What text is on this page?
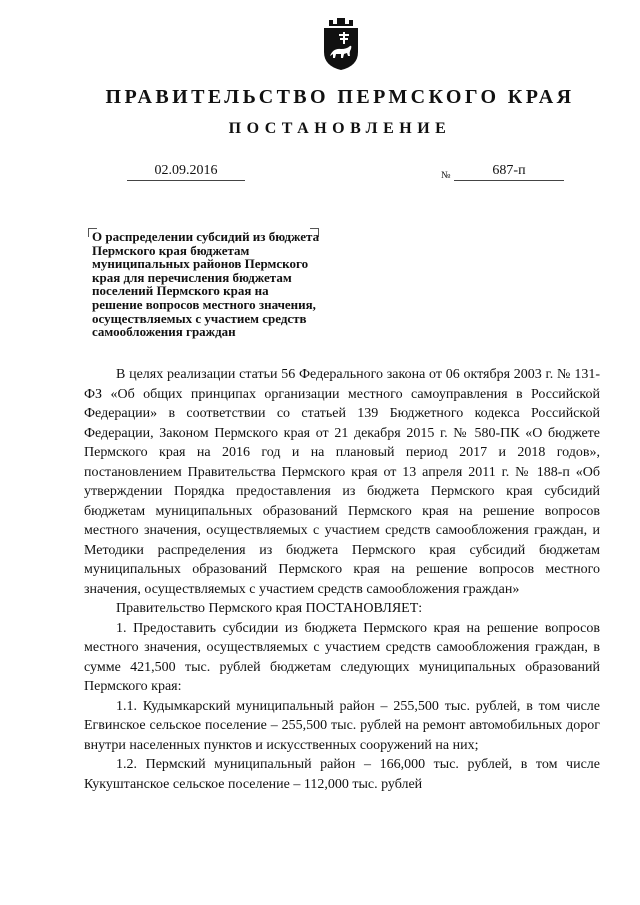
ПРАВИТЕЛЬСТВО ПЕРМСКОГО КРАЯ
ПОСТАНОВЛЕНИЕ
02.09.2016	№	687-п
О распределении субсидий из бюджета
Пермского края бюджетам
муниципальных районов Пермского
края для перечисления бюджетам
поселений Пермского края на
решение вопросов местного значения,
осуществляемых с участием средств
самообложения граждан

В целях реализации статьи 56 Федерального закона от 06 октября 2003 г. № 131-ФЗ «Об общих принципах организации местного самоуправления в Российской Федерации» в соответствии со статьей 139 Бюджетного кодекса Российской Федерации, Законом Пермского края от 21 декабря 2015 г. № 580-ПК «О бюджете Пермского края на 2016 год и на плановый период 2017 и 2018 годов», постановлением Правительства Пермского края от 13 апреля 2011 г. № 188-п «Об утверждении Порядка предоставления из бюджета Пермского края субсидий бюджетам муниципальных образований Пермского края на решение вопросов местного значения, осуществляемых с участием средств самообложения граждан, и Методики распределения из бюджета Пермского края субсидий бюджетам муниципальных образований Пермского края на решение вопросов местного значения, осуществляемых с участием средств самообложения граждан»

Правительство Пермского края ПОСТАНОВЛЯЕТ:

1. Предоставить субсидии из бюджета Пермского края на решение вопросов местного значения, осуществляемых с участием средств самообложения граждан, в сумме 421,500 тыс. рублей бюджетам следующих муниципальных образований Пермского края:

1.1. Кудымкарский муниципальный район – 255,500 тыс. рублей, в том числе Егвинское сельское поселение – 255,500 тыс. рублей на ремонт автомобильных дорог внутри населенных пунктов и искусственных сооружений на них;

1.2. Пермский муниципальный район – 166,000 тыс. рублей, в том числе Кукуштанское сельское поселение – 112,000 тыс. рублей
